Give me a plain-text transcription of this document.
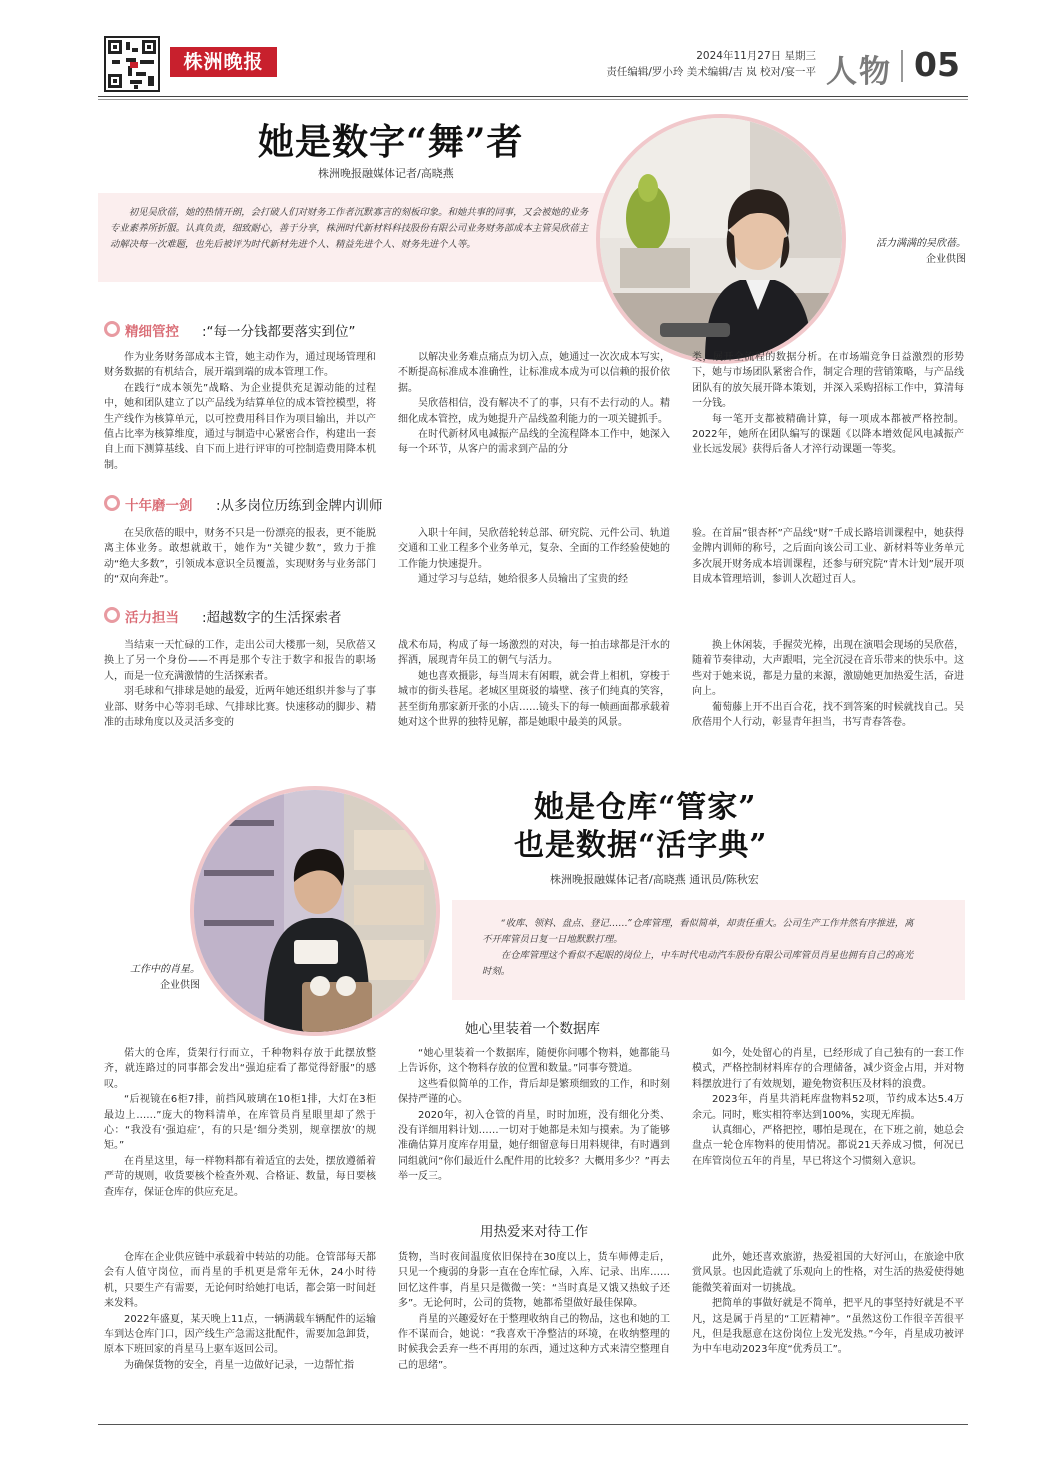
株洲晚报	2024年11月27日 星期三
责任编辑/罗小玲 美术编辑/吉 岚 校对/宴一平 人物 05
她是数字“舞”者
株洲晚报融媒体记者/高晓燕
初见吴欣蓓，她的热情开朗，会打破人们对财务工作者沉默寡言的刻板印象。和她共事的同事，又会被她的业务专业素养所折服。认真负责，细致耐心，善于分享，株洲时代新材料科技股份有限公司业务财务部成本主管吴欣蓓主动解决每一次难题，也先后被评为时代新材先进个人、精益先进个人、财务先进个人等。	活力满满的吴欣蓓。
企业供图
精细管控 :“每一分钱都要落实到位”

作为业务财务部成本主管，她主动作为，通过现场管理和财务数据的有机结合，展开端到端的成本管理工作。

在践行“成本领先”战略、为企业提供充足源动能的过程中，她和团队建立了以产品线为结算单位的成本管控模型，将生产线作为核算单元，以可控费用科目作为项目输出，并以产值占比率为核算维度，通过与制造中心紧密合作，构建出一套自上而下测算基线、自下而上进行评审的可控制造费用降本机制。

以解决业务难点痛点为切入点，她通过一次次成本写实，不断提高标准成本准确性，让标准成本成为可以信赖的报价依据。

吴欣蓓相信，没有解决不了的事，只有不去行动的人。精细化成本管控，成为她提升产品线盈利能力的一项关键抓手。

在时代新材风电减振产品线的全流程降本工作中，她深入每一个环节，从客户的需求到产品的分

类，展开全流程的数据分析。在市场端竞争日益激烈的形势下，她与市场团队紧密合作，制定合理的营销策略，与产品线团队有的放矢展开降本策划，并深入采购招标工作中，算清每一分钱。

每一笔开支都被精确计算，每一项成本都被严格控制。2022年，她所在团队编写的课题《以降本增效促风电减振产业长远发展》获得后备人才淬行动课题一等奖。

十年磨一剑 :从多岗位历练到金牌内训师

在吴欣蓓的眼中，财务不只是一份漂亮的报表，更不能脱离主体业务。敢想就敢干，她作为“关键少数”，致力于推动“绝大多数”，引领成本意识全员覆盖，实现财务与业务部门的“双向奔赴”。

入职十年间，吴欣蓓轮转总部、研究院、元件公司、轨道交通和工业工程多个业务单元，复杂、全面的工作经验使她的工作能力快速提升。

通过学习与总结，她给很多人员输出了宝贵的经

验。在首届“银杏杯”产品线“财”千成长路培训课程中，她获得金牌内训师的称号，之后面向该公司工业、新材料等业务单元多次展开财务成本培训课程，还参与研究院“青木计划”展开项目成本管理培训，参训人次超过百人。

活力担当 :超越数字的生活探索者

当结束一天忙碌的工作，走出公司大楼那一刻，吴欣蓓又换上了另一个身份——不再是那个专注于数字和报告的职场人，而是一位充满激情的生活探索者。

羽毛球和气排球是她的最爱，近两年她还组织并参与了事业部、财务中心等羽毛球、气排球比赛。快速移动的脚步、精准的击球角度以及灵活多变的

战术布局，构成了每一场激烈的对决，每一拍击球都是汗水的挥洒，展现青年员工的朝气与活力。

她也喜欢摄影，每当周末有闲暇，就会背上相机，穿梭于城市的街头巷尾。老城区里斑驳的墙壁、孩子们纯真的笑容，甚至街角那家新开张的小店……镜头下的每一帧画面都承载着她对这个世界的独特见解，都是她眼中最美的风景。

换上休闲装，手握荧光棒，出现在演唱会现场的吴欣蓓，随着节奏律动，大声跟唱，完全沉浸在音乐带来的快乐中。这些对于她来说，都是力量的来源，激励她更加热爱生活，奋进向上。

葡萄藤上开不出百合花，找不到答案的时候就找自己。吴欣蓓用个人行动，彰显青年担当，书写青春答卷。

工作中的肖星。
企业供图
她是仓库“管家”
也是数据“活字典”
株洲晚报融媒体记者/高晓燕 通讯员/陈秋宏
“收库、领料、盘点、登记……”仓库管理，看似简单，却责任重大。公司生产工作井然有序推进，离不开库管员日复一日地默默打理。
在仓库管理这个看似不起眼的岗位上，中车时代电动汽车股份有限公司库管员肖星也拥有自己的高光时刻。
她心里装着一个数据库

偌大的仓库，货架行行而立，千种物料存放于此摆放整齐，就连路过的同事都会发出“强迫症看了都觉得舒服”的感叹。

“后视镜在6柜7排，前挡风玻璃在10柜1排，大灯在3柜最边上……”庞大的物料清单，在库管员肖星眼里却了然于心：“我没有‘强迫症’，有的只是‘细分类别，规章摆放’的规矩。”

在肖星这里，每一样物料都有着适宜的去处，摆放遵循着严苛的规则，收货要核个检查外观、合格证、数量，每日要核查库存，保证仓库的供应充足。

“她心里装着一个数据库，随便你问哪个物料，她都能马上告诉你，这个物料存放的位置和数量。”同事夸赞道。

这些看似简单的工作，背后却是繁琐细致的工作，和时刻保持严谨的心。

2020年，初入仓管的肖星，时时加班，没有细化分类、没有详细用料计划……一切对于她都是未知与摸索。为了能够准确估算月度库存用量，她仔细留意每日用料规律，有时遇到同组就问“你们最近什么配件用的比较多？大概用多少？”再去举一反三。

如今，处处留心的肖星，已经形成了自己独有的一套工作模式，严格控制材料库存的合理储备，减少资金占用，并对物料摆放进行了有效规划，避免物资积压及材料的浪费。

2023年，肖星共消耗库盘物料52项，节约成本达5.4万余元。同时，账实相符率达到100%，实现无库损。

认真细心，严格把控，哪怕是现在，在下班之前，她总会盘点一轮仓库物料的使用情况。都说21天养成习惯，何况已在库管岗位五年的肖星，早已将这个习惯刻入意识。

用热爱来对待工作

仓库在企业供应链中承载着中转站的功能。仓管部每天都会有人值守岗位，而肖星的手机更是常年无休，24小时待机，只要生产有需要，无论何时给她打电话，都会第一时间赶来发料。

2022年盛夏，某天晚上11点，一辆满载车辆配件的运输车到达仓库门口，因产线生产急需这批配件，需要加急卸货，原本下班回家的肖星马上驱车返回公司。

为确保货物的安全，肖星一边做好记录，一边帮忙指

货物，当时夜间温度依旧保持在30度以上，货车师傅走后，只见一个瘦弱的身影一直在仓库忙碌，入库、记录、出库……回忆这件事，肖星只是微微一笑：“当时真是又饿又热蚊子还多”。无论何时，公司的货物，她都希望做好最佳保障。

肖星的兴趣爱好在于整理收纳自己的物品，这也和她的工作不谋而合，她说：“我喜欢干净整洁的环境，在收纳整理的时候我会丢弃一些不再用的东西，通过这种方式来清空整理自己的思绪”。

此外，她还喜欢旅游，热爱祖国的大好河山，在旅途中欣赏风景。也因此造就了乐观向上的性格，对生活的热爱使得她能微笑着面对一切挑战。

把简单的事做好就是不简单，把平凡的事坚持好就是不平凡，这是属于肖星的“工匠精神”。“虽然这份工作很辛苦很平凡，但是我愿意在这份岗位上发光发热。”今年，肖星成功被评为中车电动2023年度“优秀员工”。
